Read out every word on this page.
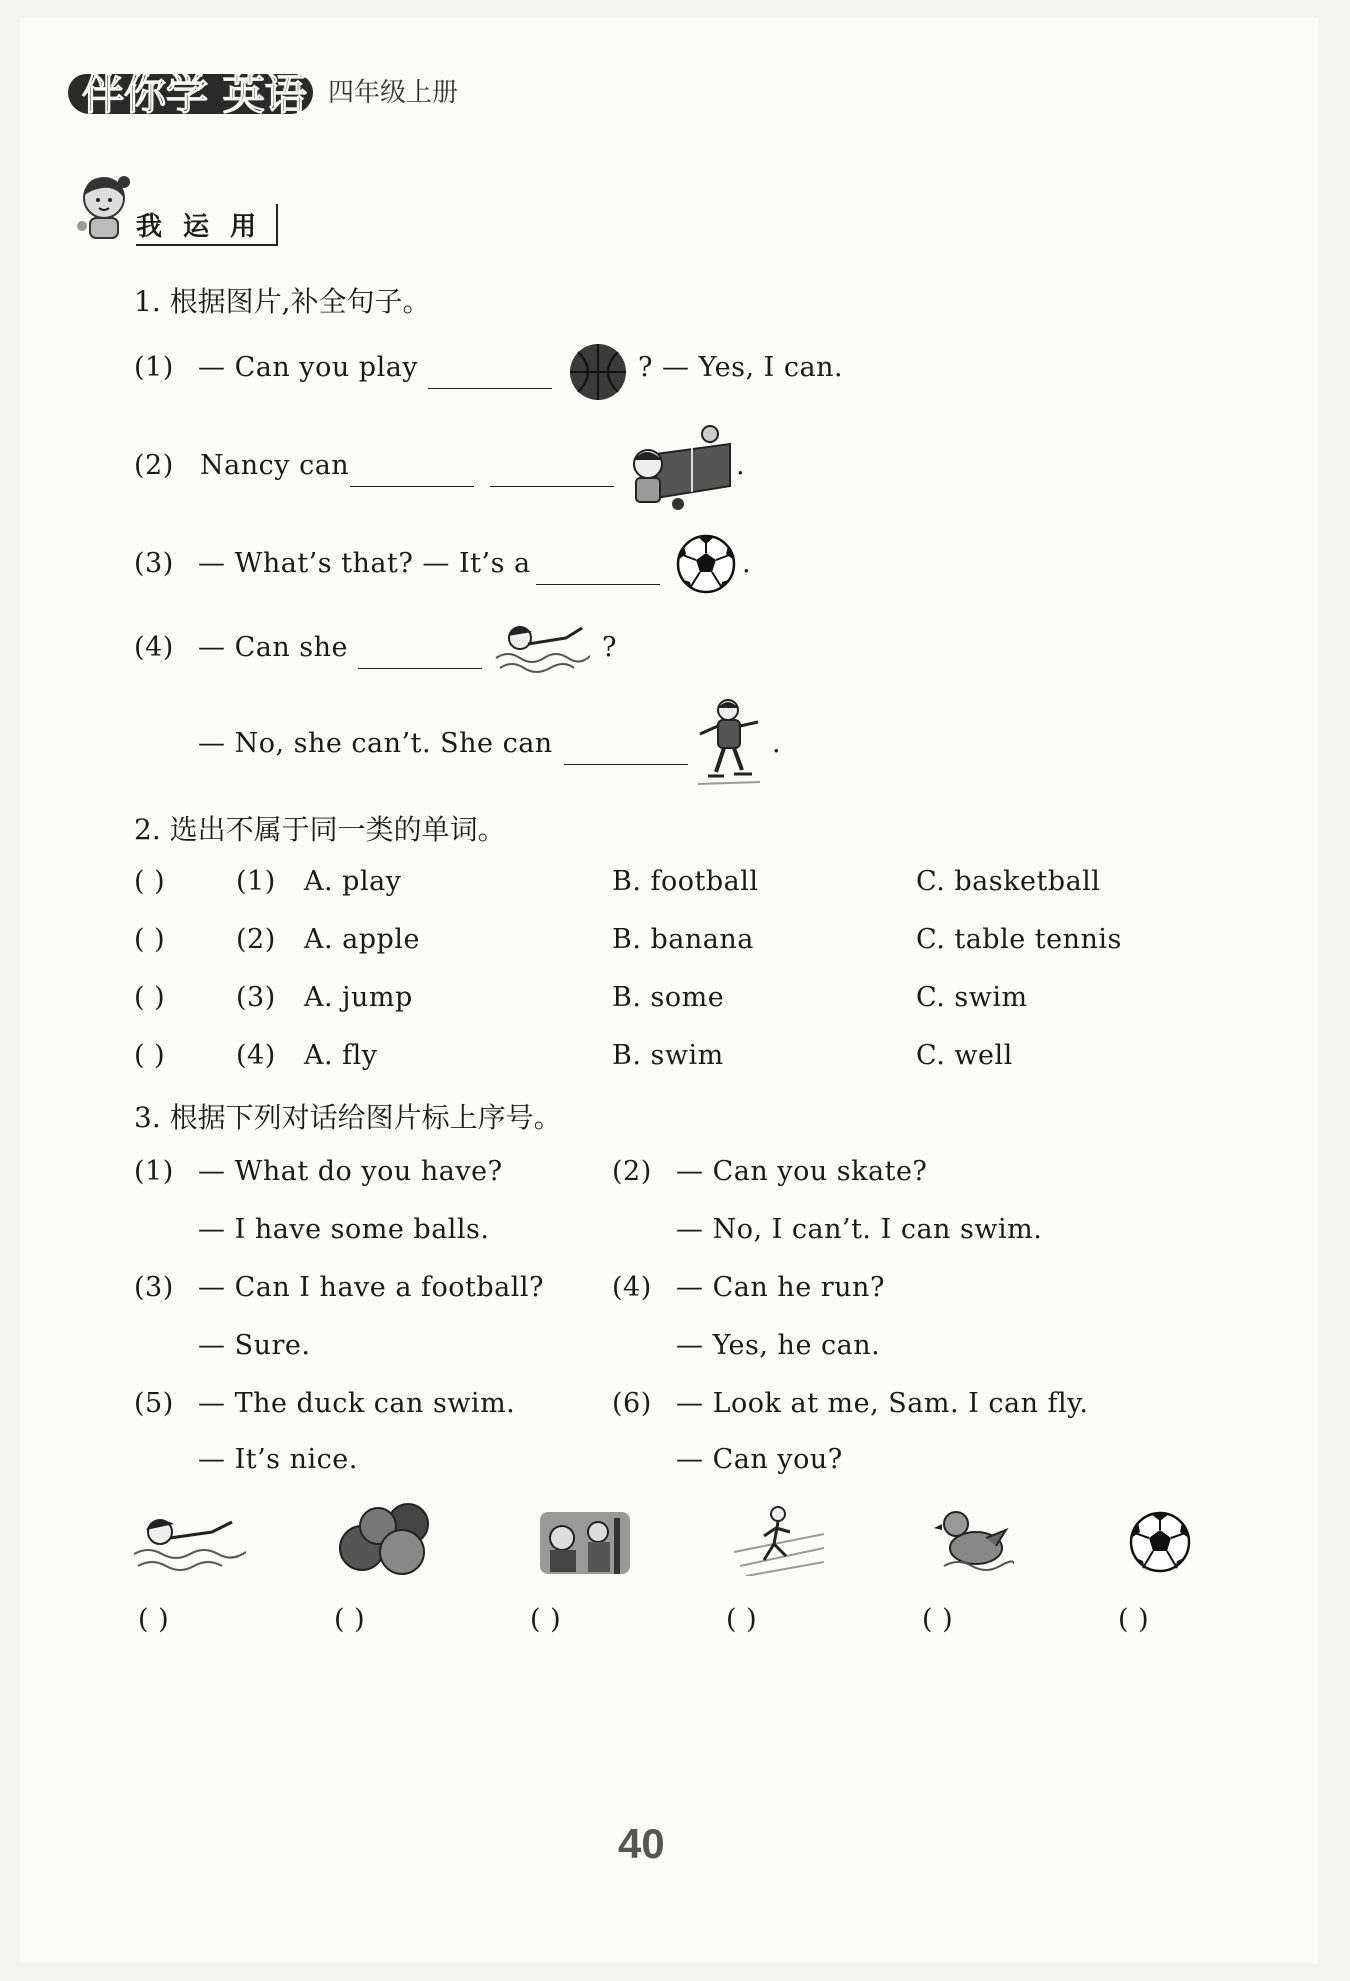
伴你学 英语 四年级上册
我 运 用
1. 根据图片,补全句子。
(1) — Can you play	? — Yes, I can.
(2) Nancy can	.
(3) — What’s that? — It’s a	.
(4) — Can she	?
— No, she can’t. She can	.
2. 选出不属于同一类的单词。
( )	(1) A. play	B. football	C. basketball
( )	(2) A. apple	B. banana	C. table tennis
( )	(3) A. jump	B. some	C. swim
( )	(4) A. fly	B. swim	C. well
3. 根据下列对话给图片标上序号。
(1) — What do you have?
— I have some balls.
(2) — Can you skate?
— No, I can’t. I can swim.
(3) — Can I have a football?
— Sure.
(4) — Can he run?
— Yes, he can.
(5) — The duck can swim.
— It’s nice.
(6) — Look at me, Sam. I can fly.
— Can you?
( )	( )	( )	( )	( )	( )
40
